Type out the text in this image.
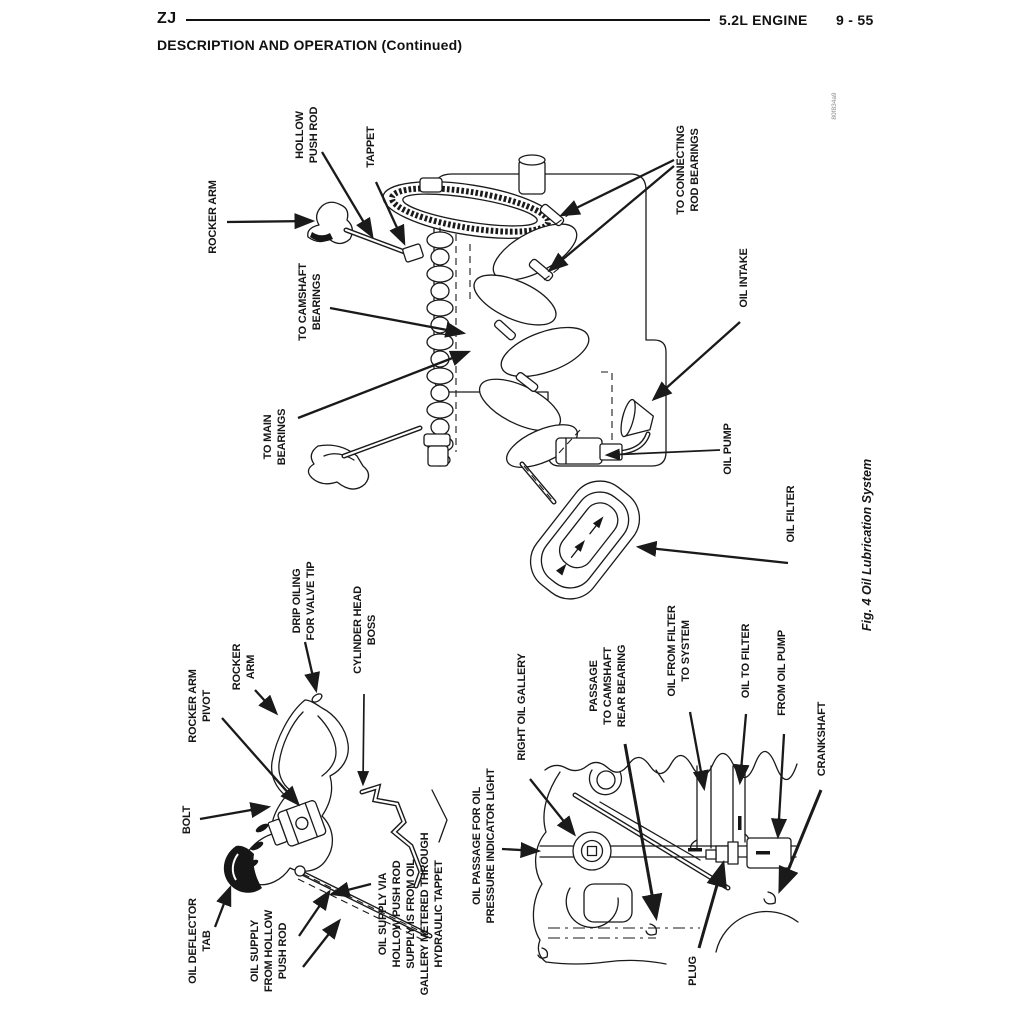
ZJ	5.2L ENGINE 9 - 55
DESCRIPTION AND OPERATION (Continued)
ROCKER ARM
HOLLOW PUSH ROD	TAPPET	TO CONNECTING ROD BEARINGS
OIL INTAKE
TO CAMSHAFT BEARINGS
TO MAIN BEARINGS	OIL PUMP
OIL FILTER
ROCKER ARM PIVOT
ROCKER ARM
DRIP OILING FOR VALVE TIP	CYLINDER HEAD BOSS
BOLT
OIL DEFLECTOR TAB	OIL SUPPLY FROM HOLLOW PUSH ROD	OIL SUPPLY VIA HOLLOW PUSH ROD SUPPLY IS FROM OIL GALLERY METERED THROUGH HYDRAULIC TAPPET
OIL PASSAGE FOR OIL PRESSURE INDICATOR LIGHT
RIGHT OIL GALLERY	PASSAGE TO CAMSHAFT REAR BEARING	OIL FROM FILTER TO SYSTEM	OIL TO FILTER FROM OIL PUMP
CRANKSHAFT
PLUG
Fig. 4 Oil Lubrication System
80f834a9
